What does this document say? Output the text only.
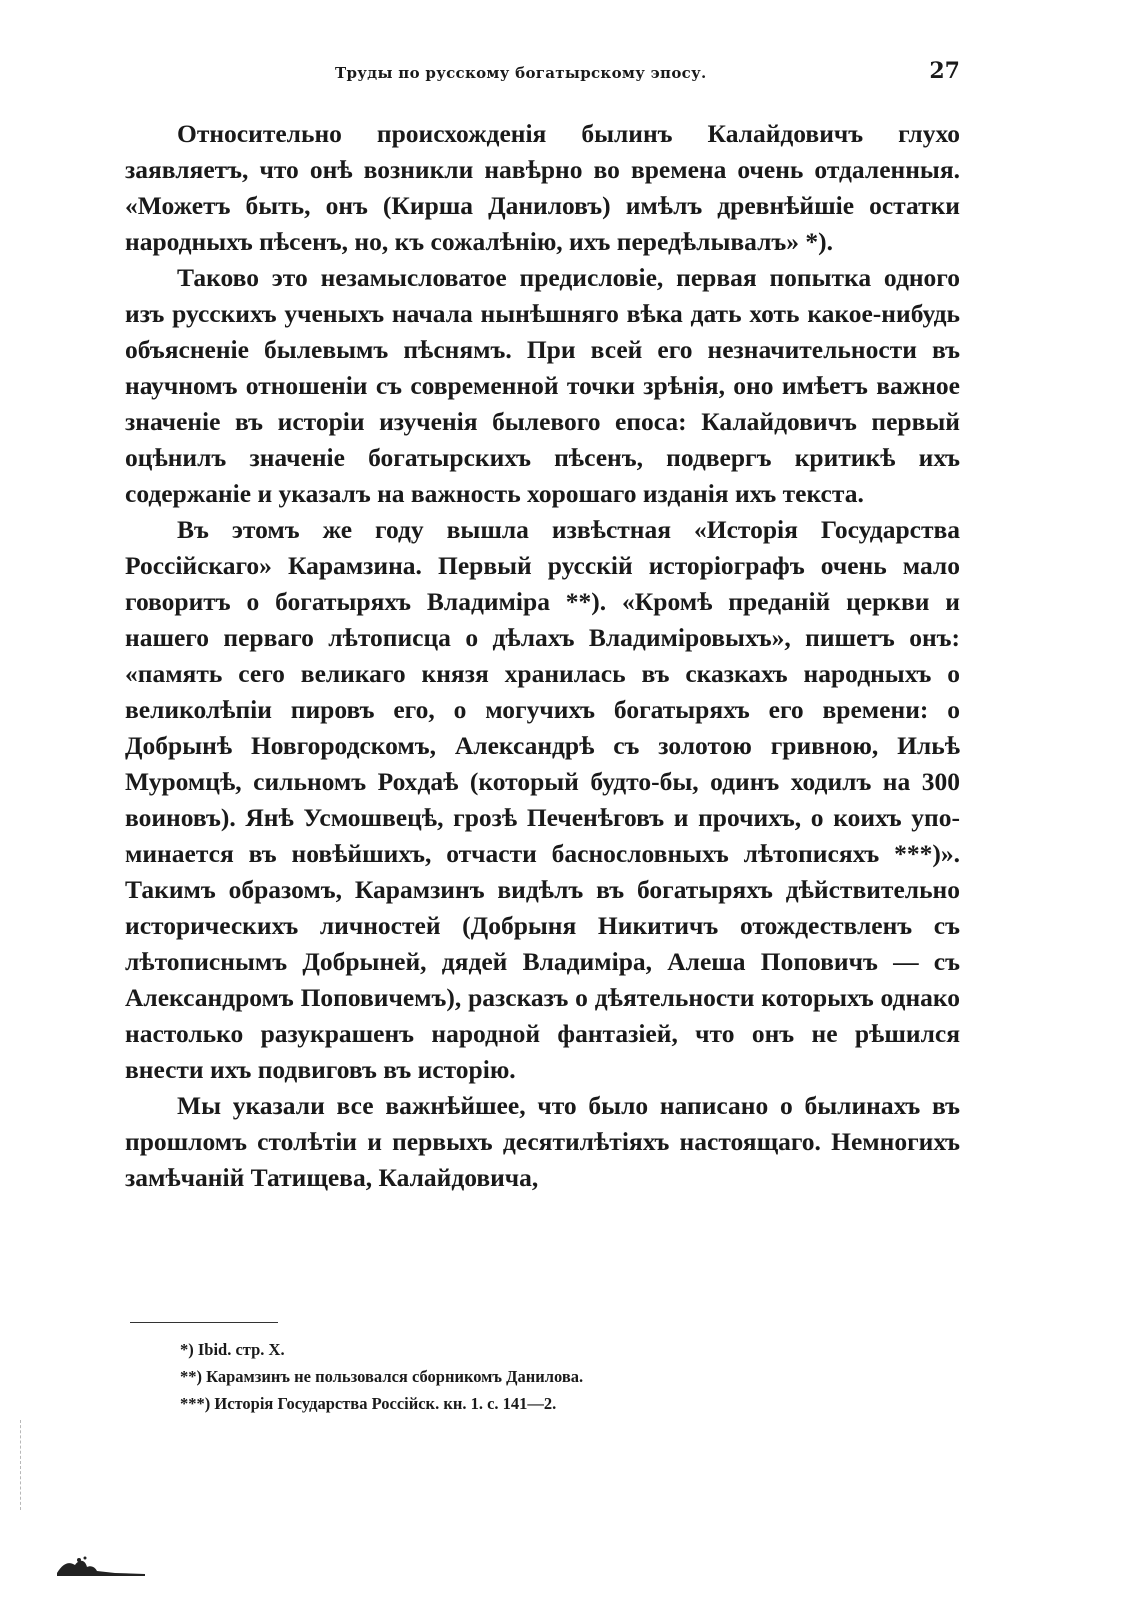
Труды по русскому богатырскому эпосу.	27

Относительно происхожденія былинъ Калайдовичъ глухо заявляетъ, что онѣ возникли навѣрно во времена очень отдаленныя. «Можетъ быть, онъ (Кирша Даниловъ) имѣлъ древнѣйшіе остатки народныхъ пѣсенъ, но, къ сожалѣнію, ихъ передѣлывалъ» *).

Таково это незамысловатое предисловіе, первая попытка одного изъ русскихъ ученыхъ начала нынѣшняго вѣка дать хоть какое-нибудь объясненіе былевымъ пѣснямъ. При всей его незначительности въ научномъ отношеніи съ современной точки зрѣнія, оно имѣетъ важное значеніе въ исторіи изученія былевого епоса: Калайдовичъ первый оцѣнилъ значеніе богатырскихъ пѣсенъ, подвергъ критикѣ ихъ содержаніе и указалъ на важность хорошаго изданія ихъ текста.

Въ этомъ же году вышла извѣстная «Исторія Государства Россійскаго» Карамзина. Первый русскій исторіографъ очень мало говоритъ о богатыряхъ Владиміра **). «Кромѣ преданій церкви и нашего перваго лѣтописца о дѣлахъ Владиміровыхъ», пишетъ онъ: «память сего великаго князя хранилась въ сказкахъ народныхъ о великолѣпіи пировъ его, о могучихъ богатыряхъ его времени: о Добрынѣ Новгородскомъ, Александрѣ съ золотою гривною, Ильѣ Муромцѣ, сильномъ Рохдаѣ (который будто-бы, одинъ ходилъ на 300 воиновъ). Янѣ Усмошвецѣ, грозѣ Печенѣговъ и прочихъ, о коихъ упоминается въ новѣйшихъ, отчасти баснословныхъ лѣтописяхъ ***)». Такимъ образомъ, Карамзинъ видѣлъ въ богатыряхъ дѣйствительно историческихъ личностей (Добрыня Никитичъ отождествленъ съ лѣтописнымъ Добрыней, дядей Владиміра, Алеша Поповичъ — съ Александромъ Поповичемъ), разсказъ о дѣятельности которыхъ однако настолько разукрашенъ народной фантазіей, что онъ не рѣшился внести ихъ подвиговъ въ исторію.

Мы указали все важнѣйшее, что было написано о былинахъ въ прошломъ столѣтіи и первыхъ десятилѣтіяхъ настоящаго. Немногихъ замѣчаній Татищева, Калайдовича,

*) Ibid. стр. X.
**) Карамзинъ не пользовался сборникомъ Данилова.
***) Исторія Государства Россійск. кн. 1. с. 141—2.
